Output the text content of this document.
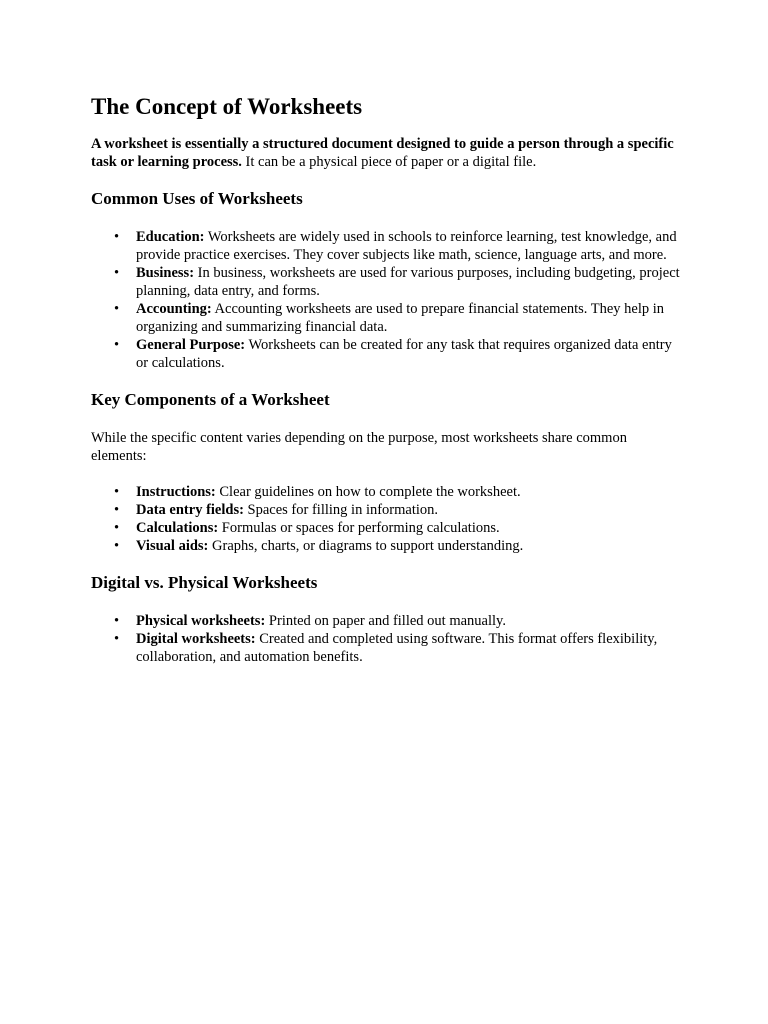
The Concept of Worksheets

A worksheet is essentially a structured document designed to guide a person through a specific task or learning process. It can be a physical piece of paper or a digital file.

Common Uses of Worksheets
• Education: Worksheets are widely used in schools to reinforce learning, test knowledge, and provide practice exercises. They cover subjects like math, science, language arts, and more.
• Business: In business, worksheets are used for various purposes, including budgeting, project planning, data entry, and forms.
• Accounting: Accounting worksheets are used to prepare financial statements. They help in organizing and summarizing financial data.
• General Purpose: Worksheets can be created for any task that requires organized data entry or calculations.
Key Components of a Worksheet

While the specific content varies depending on the purpose, most worksheets share common elements:

• Instructions: Clear guidelines on how to complete the worksheet.
• Data entry fields: Spaces for filling in information.
• Calculations: Formulas or spaces for performing calculations.
• Visual aids: Graphs, charts, or diagrams to support understanding.
Digital vs. Physical Worksheets
• Physical worksheets: Printed on paper and filled out manually.
• Digital worksheets: Created and completed using software. This format offers flexibility, collaboration, and automation benefits.
